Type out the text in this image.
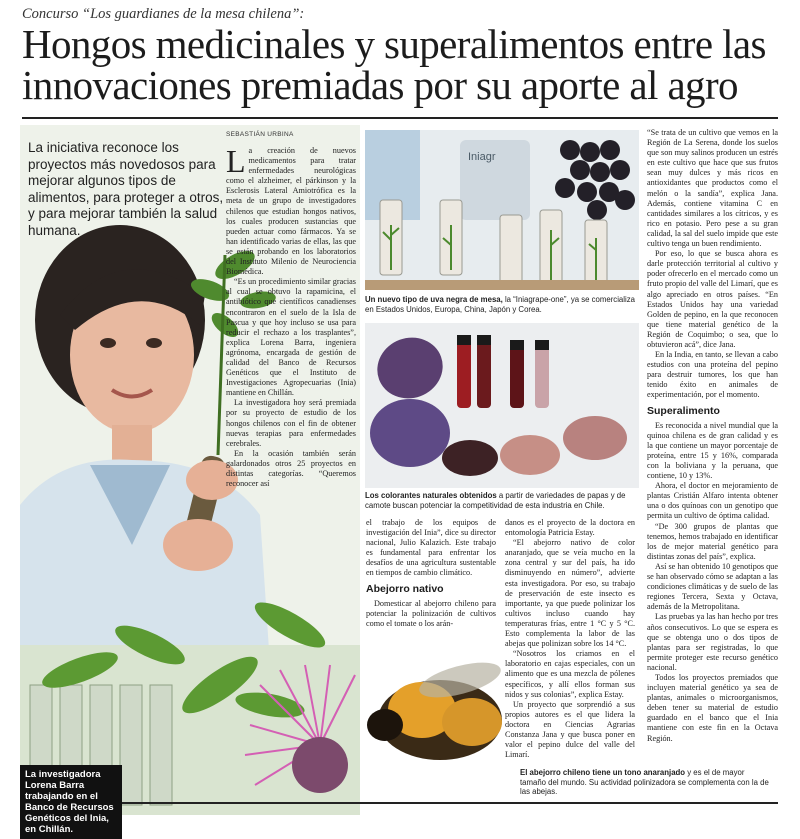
Concurso “Los guardianes de la mesa chilena”:
Hongos medicinales y superalimentos entre las innovaciones premiadas por su aporte al agro
La iniciativa reconoce los proyectos más novedosos para mejorar algunos tipos de alimentos, para proteger a otros, y para mejorar también la salud humana.
La investigadora Lorena Barra trabajando en el Banco de Recursos Genéticos del Inia, en Chillán.
SEBASTIÁN URBINA

La creación de nuevos medicamentos para tratar enfermedades neurológicas como el alzheimer, el párkinson y la Esclerosis Lateral Amiotrófica es la meta de un grupo de investigadores chilenos que estudian hongos nativos, los cuales producen sustancias que pueden actuar como fármacos. Ya se han identificado varias de ellas, las que se están probando en los laboratorios del Instituto Milenio de Neurociencia Biomédica.

“Es un procedimiento similar gracias al cual se obtuvo la rapamicina, el antibiótico que científicos canadienses encontraron en el suelo de la Isla de Pascua y que hoy incluso se usa para reducir el rechazo a los trasplantes”, explica Lorena Barra, ingeniera agrónoma, encargada de gestión de calidad del Banco de Recursos Genéticos que el Instituto de Investigaciones Agropecuarias (Inia) mantiene en Chillán.

La investigadora hoy será premiada por su proyecto de estudio de los hongos chilenos con el fin de obtener nuevas terapias para enfermedades cerebrales.

En la ocasión también serán galardonados otros 25 proyectos en distintas categorías. “Queremos reconocer así

Iniagr
Un nuevo tipo de uva negra de mesa, la “Iniagrape-one”, ya se comercializa en Estados Unidos, Europa, China, Japón y Corea.
Los colorantes naturales obtenidos a partir de variedades de papas y de camote buscan potenciar la competitividad de esta industria en Chile.

el trabajo de los equipos de investigación del Inia”, dice su director nacional, Julio Kalazich. Este trabajo es fundamental para enfrentar los desafíos de una agricultura sustentable en tiempos de cambio climático.

Abejorro nativo

Domesticar al abejorro chileno para potenciar la polinización de cultivos como el tomate o los arán-

danos es el proyecto de la doctora en entomología Patricia Estay.

“El abejorro nativo de color anaranjado, que se veía mucho en la zona central y sur del país, ha ido disminuyendo en número”, advierte esta investigadora. Por eso, su trabajo de preservación de este insecto es importante, ya que puede polinizar los cultivos incluso cuando hay temperaturas frías, entre 1 °C y 5 °C. Esto complementa la labor de las abejas que polinizan sobre los 14 °C.

“Nosotros los criamos en el laboratorio en cajas especiales, con un alimento que es una mezcla de pólenes específicos, y allí ellos forman sus nidos y sus colonias”, explica Estay.

Un proyecto que sorprendió a sus propios autores es el que lidera la doctora en Ciencias Agrarias Constanza Jana y que busca poner en valor el pepino dulce del valle del Limarí.

El abejorro chileno tiene un tono anaranjado y es el de mayor tamaño del mundo. Su actividad polinizadora se complementa con la de las abejas.

“Se trata de un cultivo que vemos en la Región de La Serena, donde los suelos que son muy salinos producen un estrés en este cultivo que hace que sus frutos sean muy dulces y más ricos en antioxidantes que productos como el melón o la sandía”, explica Jana. Además, contiene vitamina C en cantidades similares a los cítricos, y es rico en potasio. Pero pese a su gran calidad, la sal del suelo impide que este cultivo tenga un buen rendimiento.

Por eso, lo que se busca ahora es darle protección territorial al cultivo y poder ofrecerlo en el mercado como un fruto propio del valle del Limarí, que es algo apreciado en otros países. “En Estados Unidos hay una variedad Golden de pepino, en la que reconocen que tiene material genético de la Región de Coquimbo; o sea, que lo obtuvieron acá”, dice Jana.

En la India, en tanto, se llevan a cabo estudios con una proteína del pepino para destruir tumores, los que han tenido éxito en animales de experimentación, por el momento.

Superalimento

Es reconocida a nivel mundial que la quinoa chilena es de gran calidad y es la que contiene un mayor porcentaje de proteína, entre 15 y 16%, comparada con la boliviana y la peruana, que contiene, 10 y 13%.

Ahora, el doctor en mejoramiento de plantas Cristián Alfaro intenta obtener una o dos quínoas con un genotipo que permita un cultivo de óptima calidad.

“De 300 grupos de plantas que tenemos, hemos trabajado en identificar los de mejor material genético para distintas zonas del país”, explica.

Así se han obtenido 10 genotipos que se han observado cómo se adaptan a las condiciones climáticas y de suelo de las regiones Tercera, Sexta y Octava, además de la Metropolitana.

Las pruebas ya las han hecho por tres años consecutivos. Lo que se espera es que se obtenga uno o dos tipos de plantas para ser registradas, lo que permite proteger este recurso genético nacional.

Todos los proyectos premiados que incluyen material genético ya sea de plantas, animales o microorganismos, deben tener su material de estudio guardado en el banco que el Inia mantiene con este fin en la Octava Región.
